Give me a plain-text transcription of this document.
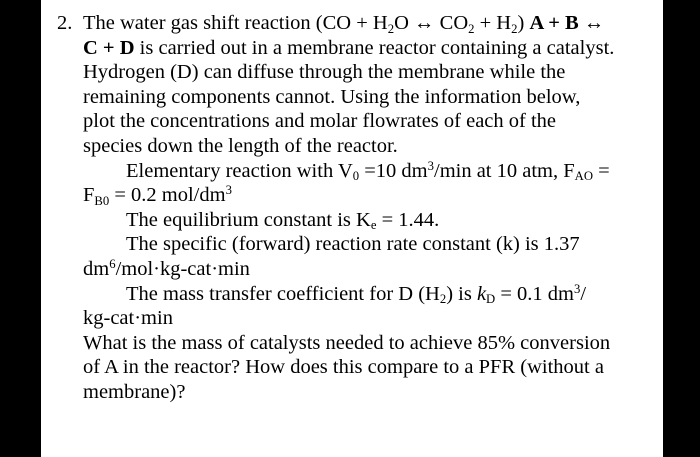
2. The water gas shift reaction ($CO + H_2O$ ↔ $CO_2 + H_2$) A + B ↔
C + D is carried out in a membrane reactor containing a catalyst.
Hydrogen (D) can diffuse through the membrane while the
remaining components cannot. Using the information below,
plot the concentrations and molar flowrates of each of the
species down the length of the reactor.
Elementary reaction with $V_0 =10$ $dm^3/\min$ at 10 atm, $F_{AO}$ =
$F_{B0} = 0.2$ mol/$dm^3$
The equilibrium constant is $K_e = 1.44$.
The specific (forward) reaction rate constant (k) is 1.37
$dm^6/mol\cdot kg-cat\cdot\min$
The mass transfer coefficient for D $(H_2)$ is $k_D = 0.1$ $dm^3/$
kg-cat·min
What is the mass of catalysts needed to achieve 85% conversion
of A in the reactor? How does this compare to a PFR (without a
membrane)?
